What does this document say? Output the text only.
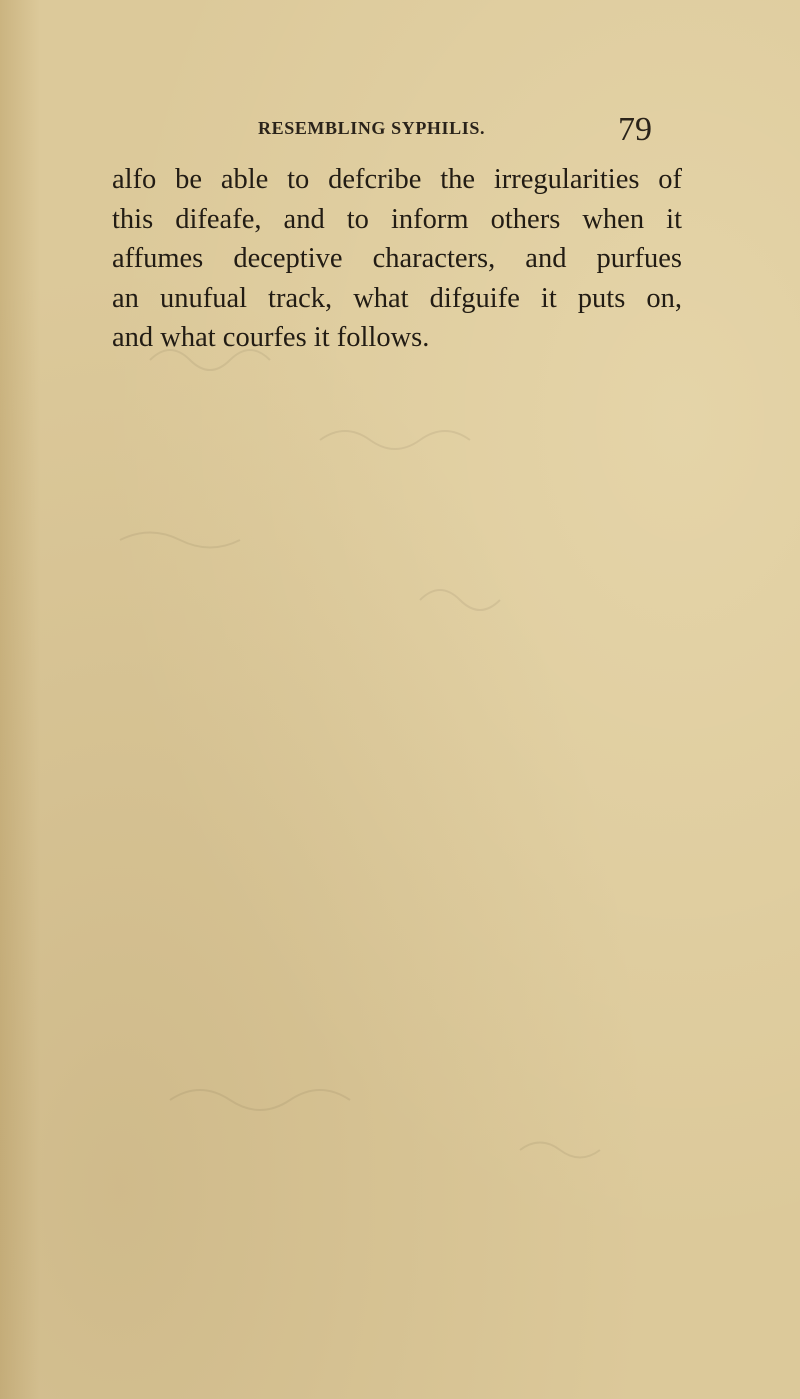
RESEMBLING SYPHILIS.	79
alfo be able to defcribe the irregularities of
this difeafe, and to inform others when it
affumes deceptive characters, and purfues
an unufual track, what difguife it puts on,
and what courfes it follows.
